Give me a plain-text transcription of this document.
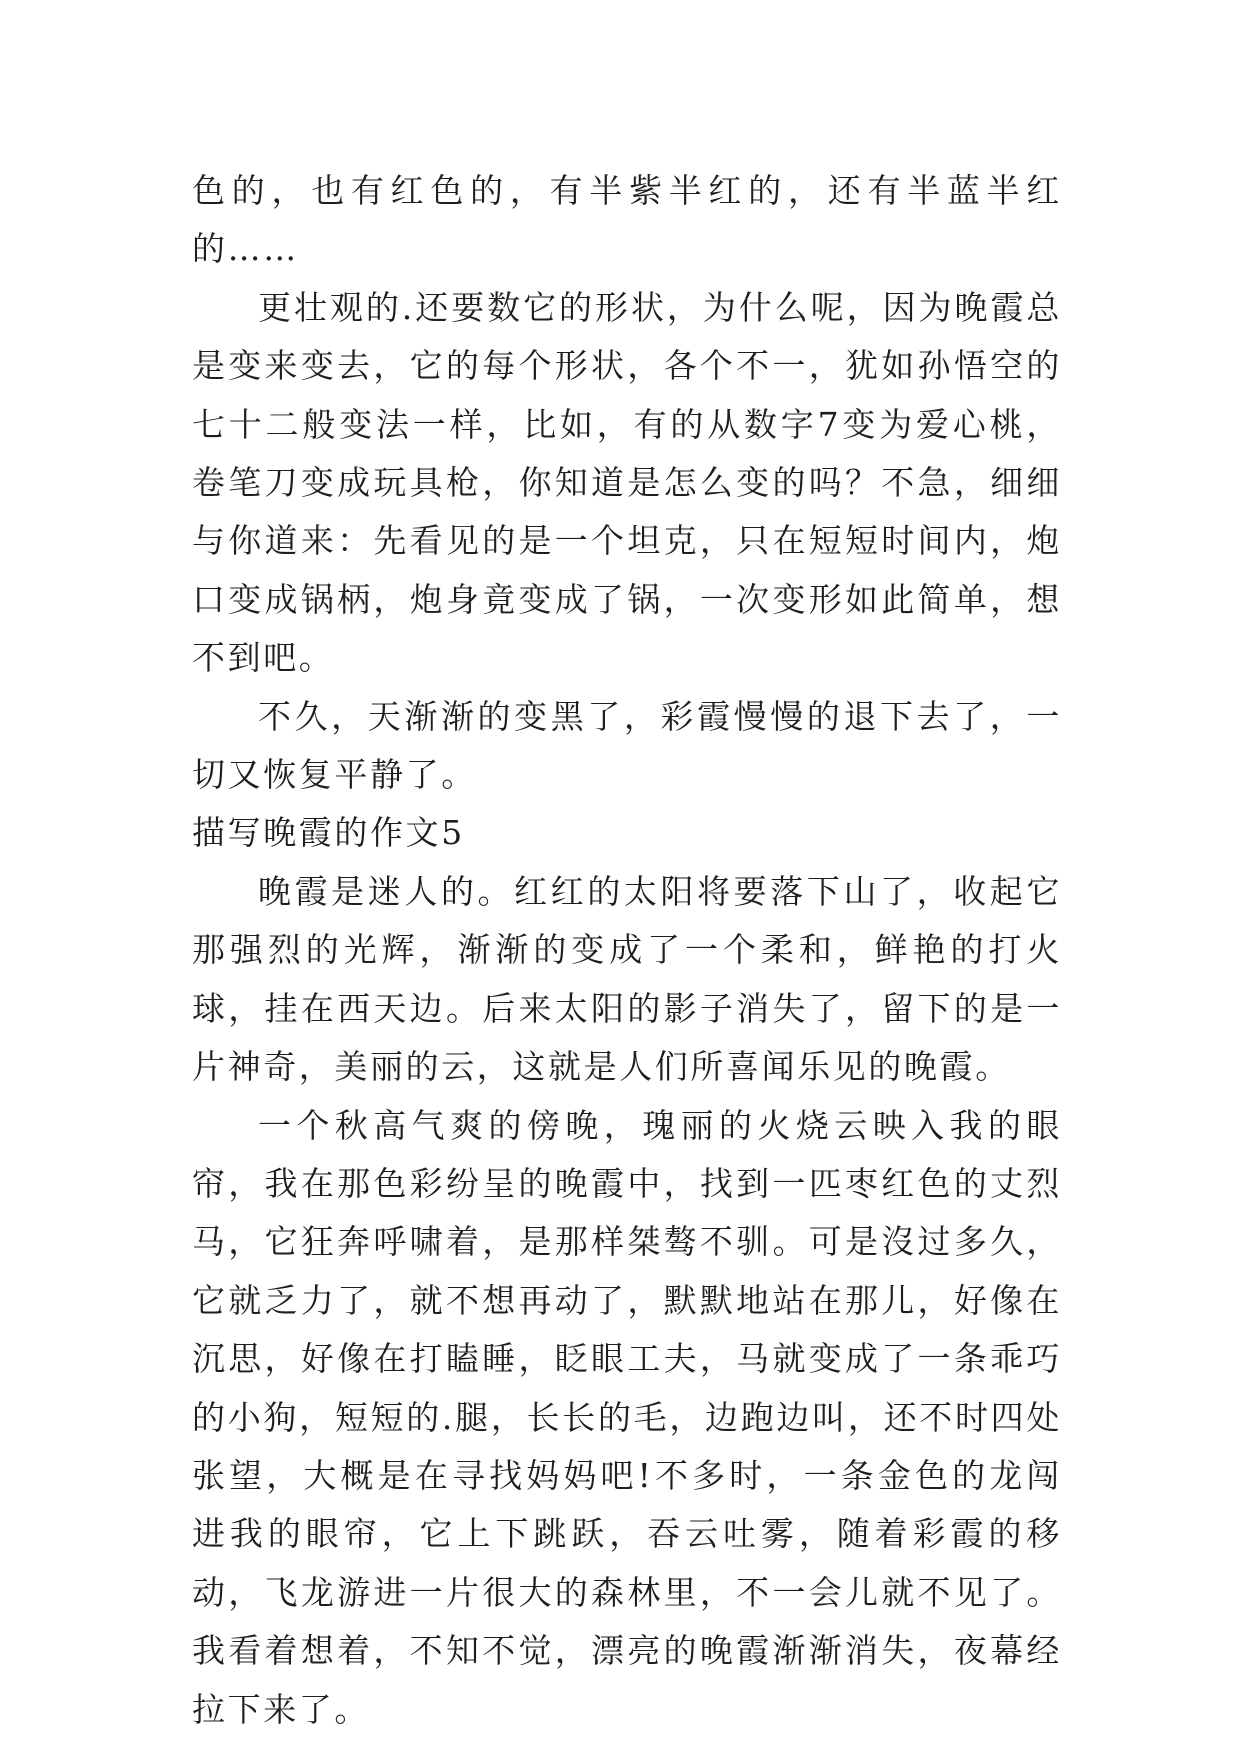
色的，也有红色的，有半紫半红的，还有半蓝半红的……

更壮观的.还要数它的形状，为什么呢，因为晚霞总是变来变去，它的每个形状，各个不一，犹如孙悟空的七十二般变法一样，比如，有的从数字7变为爱心桃，卷笔刀变成玩具枪，你知道是怎么变的吗？不急，细细与你道来：先看见的是一个坦克，只在短短时间内，炮口变成锅柄，炮身竟变成了锅，一次变形如此简单，想不到吧。

不久，天渐渐的变黑了，彩霞慢慢的退下去了，一切又恢复平静了。

描写晚霞的作文5

晚霞是迷人的。红红的太阳将要落下山了，收起它那强烈的光辉，渐渐的变成了一个柔和，鲜艳的打火球，挂在西天边。后来太阳的影子消失了，留下的是一片神奇，美丽的云，这就是人们所喜闻乐见的晚霞。

一个秋高气爽的傍晚，瑰丽的火烧云映入我的眼帘，我在那色彩纷呈的晚霞中，找到一匹枣红色的丈烈马，它狂奔呼啸着，是那样桀骜不驯。可是沒过多久，它就乏力了，就不想再动了，默默地站在那儿，好像在沉思，好像在打瞌睡，眨眼工夫，马就变成了一条乖巧的小狗，短短的.腿，长长的毛，边跑边叫，还不时四处张望，大概是在寻找妈妈吧!不多时，一条金色的龙闯进我的眼帘，它上下跳跃，吞云吐雾，随着彩霞的移动，飞龙游进一片很大的森林里，不一会儿就不见了。我看着想着，不知不觉，漂亮的晚霞渐渐消失，夜幕经拉下来了。
